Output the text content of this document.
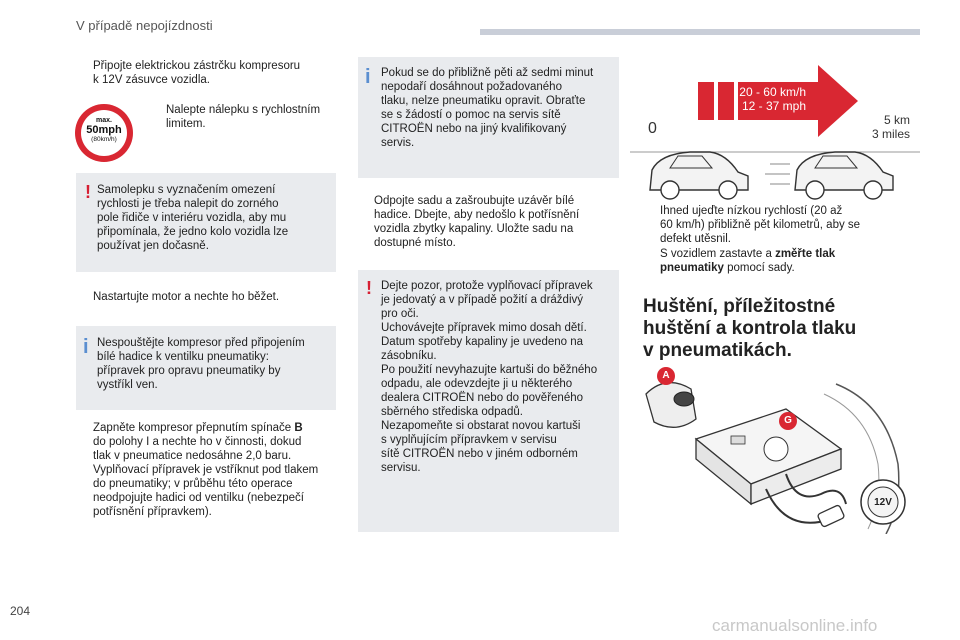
V případě nepojízdnosti
Připojte elektrickou zástrčku kompresoru
k 12V zásuvce vozidla.
max.
50mph
(80km/h)
Nalepte nálepku s rychlostním
limitem.
! Samolepku s vyznačením omezení
rychlosti je třeba nalepit do zorného
pole řidiče v interiéru vozidla, aby mu
připomínala, že jedno kolo vozidla lze
používat jen dočasně.
Nastartujte motor a nechte ho běžet.
i Nespouštějte kompresor před připojením
bílé hadice k ventilku pneumatiky:
přípravek pro opravu pneumatiky by
vystříkl ven.
Zapněte kompresor přepnutím spínače B
do polohy I a nechte ho v činnosti, dokud
tlak v pneumatice nedosáhne 2,0 baru.
Vyplňovací přípravek je vstříknut pod tlakem
do pneumatiky; v průběhu této operace
neodpojujte hadici od ventilku (nebezpečí
potřísnění přípravkem).
i Pokud se do přibližně pěti až sedmi minut
nepodaří dosáhnout požadovaného
tlaku, nelze pneumatiku opravit. Obraťte
se s žádostí o pomoc na servis sítě
CITROËN nebo na jiný kvalifikovaný
servis.
Odpojte sadu a zašroubujte uzávěr bílé
hadice. Dbejte, aby nedošlo k potřísnění
vozidla zbytky kapaliny. Uložte sadu na
dostupné místo.
! Dejte pozor, protože vyplňovací přípravek
je jedovatý a v případě požití a dráždivý
pro oči.
Uchovávejte přípravek mimo dosah dětí.
Datum spotřeby kapaliny je uvedeno na
zásobníku.
Po použití nevyhazujte kartuši do běžného
odpadu, ale odevzdejte ji u některého
dealera CITROËN nebo do pověřeného
sběrného střediska odpadů.
Nezapomeňte si obstarat novou kartuši
s vyplňujícím přípravkem v servisu
sítě CITROËN nebo v jiném odborném
servisu.
20 - 60 km/h
12 - 37 mph
0	5 km
3 miles
Ihned ujeďte nízkou rychlostí (20 až
60 km/h) přibližně pět kilometrů, aby se
defekt utěsnil.
S vozidlem zastavte a změřte tlak
pneumatiky pomocí sady.
Huštění, příležitostné
huštění a kontrola tlaku
v pneumatikách.
A
G
12V
204
carmanualsonline.info
